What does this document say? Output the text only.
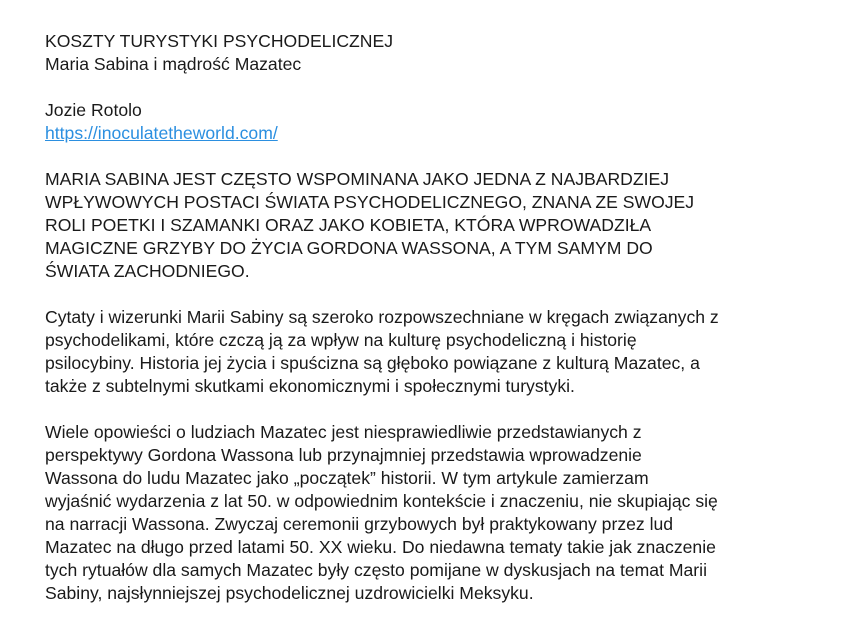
KOSZTY TURYSTYKI PSYCHODELICZNEJ

Maria Sabina i mądrość Mazatec

Jozie Rotolo

https://inoculatetheworld.com/

MARIA SABINA JEST CZĘSTO WSPOMINANA JAKO JEDNA Z NAJBARDZIEJ

WPŁYWOWYCH POSTACI ŚWIATA PSYCHODELICZNEGO, ZNANA ZE SWOJEJ

ROLI POETKI I SZAMANKI ORAZ JAKO KOBIETA, KTÓRA WPROWADZIŁA

MAGICZNE GRZYBY DO ŻYCIA GORDONA WASSONA, A TYM SAMYM DO

ŚWIATA ZACHODNIEGO.

Cytaty i wizerunki Marii Sabiny są szeroko rozpowszechniane w kręgach związanych z

psychodelikami, które czczą ją za wpływ na kulturę psychodeliczną i historię

psilocybiny. Historia jej życia i spuścizna są głęboko powiązane z kulturą Mazatec, a

także z subtelnymi skutkami ekonomicznymi i społecznymi turystyki.

Wiele opowieści o ludziach Mazatec jest niesprawiedliwie przedstawianych z

perspektywy Gordona Wassona lub przynajmniej przedstawia wprowadzenie

Wassona do ludu Mazatec jako „początek” historii. W tym artykule zamierzam

wyjaśnić wydarzenia z lat 50. w odpowiednim kontekście i znaczeniu, nie skupiając się

na narracji Wassona. Zwyczaj ceremonii grzybowych był praktykowany przez lud

Mazatec na długo przed latami 50. XX wieku. Do niedawna tematy takie jak znaczenie

tych rytuałów dla samych Mazatec były często pomijane w dyskusjach na temat Marii

Sabiny, najsłynniejszej psychodelicznej uzdrowicielki Meksyku.
